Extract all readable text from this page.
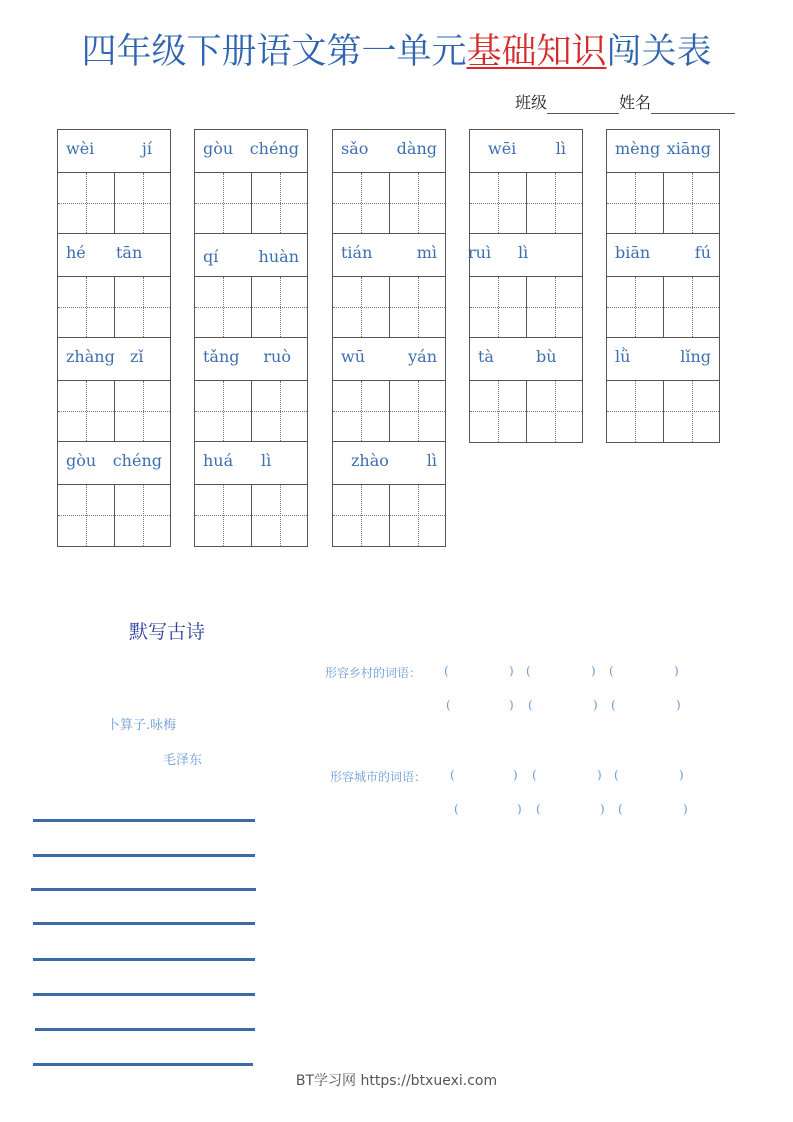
四年级下册语文第一单元基础知识闯关表
班级	姓名
wèi	jí
hé tān
zhàng zǐ
gòu chéng
gòu chéng
qí	huàn
tǎng ruò
huá lì
sǎo dàng
tián	mì
wū	yán
zhào lì
wēi lì
ruì lì
tà	bù
mèng xiāng
biān	fú
lǜ	lǐng
默写古诗
卜算子.咏梅
毛泽东
形容乡村的词语：
形容城市的词语：
(	) (	) (	)
(	) (	) (	)
(	) (	) (	)
(	) (	) (	)
BT学习网 https://btxuexi.com
